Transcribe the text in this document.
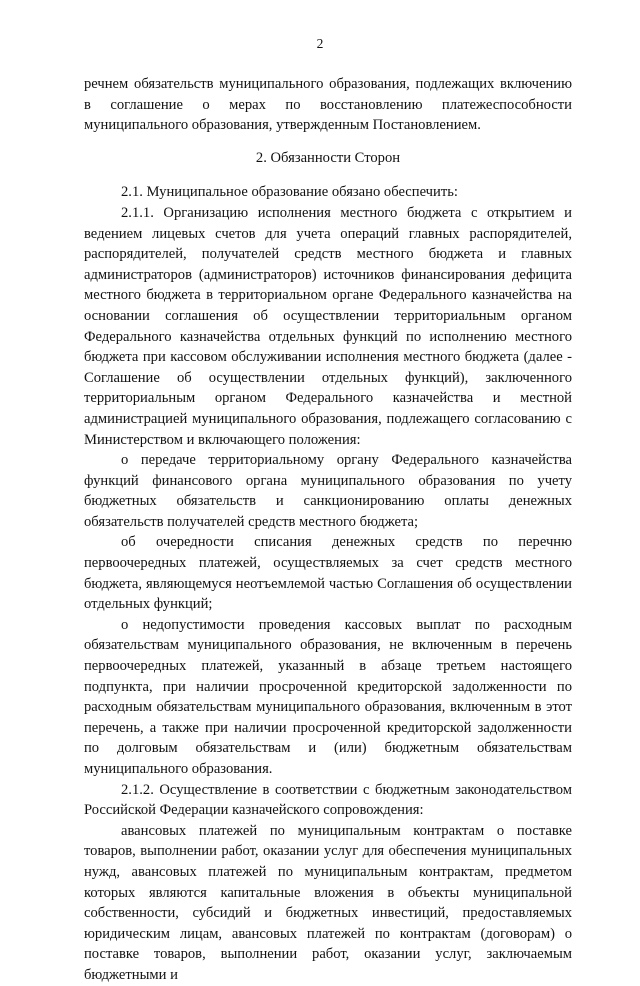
2

речнем обязательств муниципального образования, подлежащих включению в соглашение о мерах по восстановлению платежеспособности муниципального образования, утвержденным Постановлением.

2. Обязанности Сторон

2.1. Муниципальное образование обязано обеспечить:

2.1.1. Организацию исполнения местного бюджета с открытием и ведением лицевых счетов для учета операций главных распорядителей, распорядителей, получателей средств местного бюджета и главных администраторов (администраторов) источников финансирования дефицита местного бюджета в территориальном органе Федерального казначейства на основании соглашения об осуществлении территориальным органом Федерального казначейства отдельных функций по исполнению местного бюджета при кассовом обслуживании исполнения местного бюджета (далее - Соглашение об осуществлении отдельных функций), заключенного территориальным органом Федерального казначейства и местной администрацией муниципального образования, подлежащего согласованию с Министерством и включающего положения:

о передаче территориальному органу Федерального казначейства функций финансового органа муниципального образования по учету бюджетных обязательств и санкционированию оплаты денежных обязательств получателей средств местного бюджета;

об очередности списания денежных средств по перечню первоочередных платежей, осуществляемых за счет средств местного бюджета, являющемуся неотъемлемой частью Соглашения об осуществлении отдельных функций;

о недопустимости проведения кассовых выплат по расходным обязательствам муниципального образования, не включенным в перечень первоочередных платежей, указанный в абзаце третьем настоящего подпункта, при наличии просроченной кредиторской задолженности по расходным обязательствам муниципального образования, включенным в этот перечень, а также при наличии просроченной кредиторской задолженности по долговым обязательствам и (или) бюджетным обязательствам муниципального образования.

2.1.2. Осуществление в соответствии с бюджетным законодательством Российской Федерации казначейского сопровождения:

авансовых платежей по муниципальным контрактам о поставке товаров, выполнении работ, оказании услуг для обеспечения муниципальных нужд, авансовых платежей по муниципальным контрактам, предметом которых являются капитальные вложения в объекты муниципальной собственности, субсидий и бюджетных инвестиций, предоставляемых юридическим лицам, авансовых платежей по контрактам (договорам) о поставке товаров, выполнении работ, оказании услуг, заключаемым бюджетными и
